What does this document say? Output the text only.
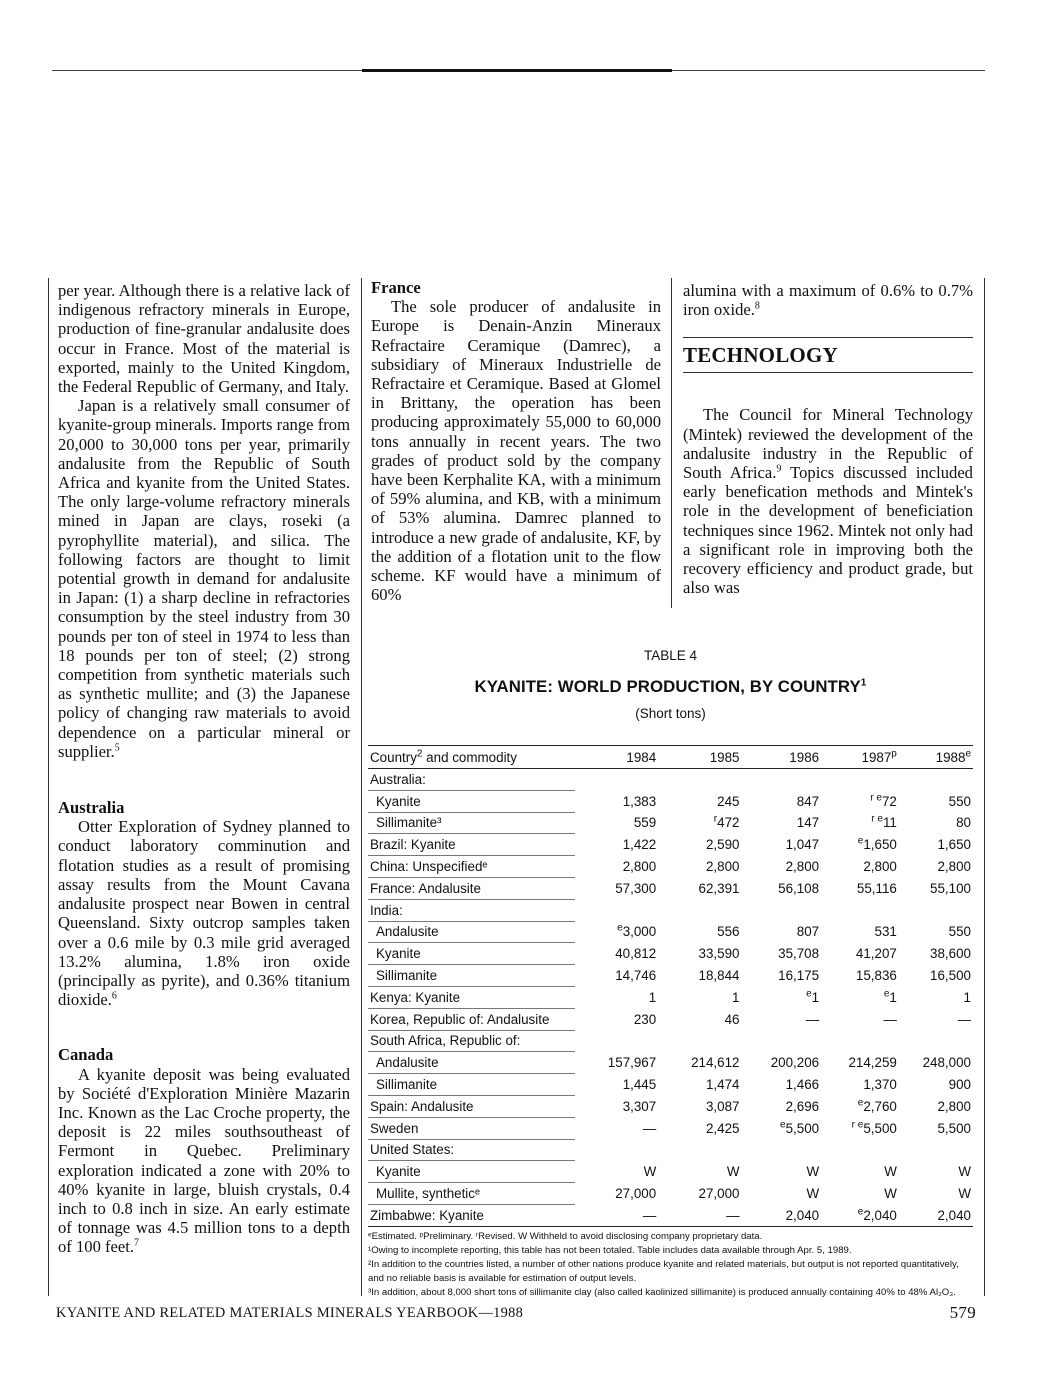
per year. Although there is a relative lack of indigenous refractory minerals in Europe, production of fine-granular andalusite does occur in France. Most of the material is exported, mainly to the United Kingdom, the Federal Republic of Germany, and Italy.

Japan is a relatively small consumer of kyanite-group minerals. Imports range from 20,000 to 30,000 tons per year, primarily andalusite from the Republic of South Africa and kyanite from the United States. The only large-volume refractory minerals mined in Japan are clays, roseki (a pyrophyllite material), and silica. The following factors are thought to limit potential growth in demand for andalusite in Japan: (1) a sharp decline in refractories consumption by the steel industry from 30 pounds per ton of steel in 1974 to less than 18 pounds per ton of steel; (2) strong competition from synthetic materials such as synthetic mullite; and (3) the Japanese policy of changing raw materials to avoid dependence on a particular mineral or supplier.$^5$

Australia

Otter Exploration of Sydney planned to conduct laboratory comminution and flotation studies as a result of promising assay results from the Mount Cavana andalusite prospect near Bowen in central Queensland. Sixty outcrop samples taken over a 0.6 mile by 0.3 mile grid averaged 13.2% alumina, 1.8% iron oxide (principally as pyrite), and 0.36% titanium dioxide.$^6$

Canada

A kyanite deposit was being evaluated by Société d'Exploration Minière Mazarin Inc. Known as the Lac Croche property, the deposit is 22 miles southsoutheast of Fermont in Quebec. Preliminary exploration indicated a zone with 20% to 40% kyanite in large, bluish crystals, 0.4 inch to 0.8 inch in size. An early estimate of tonnage was 4.5 million tons to a depth of 100 feet.$^7$

France

The sole producer of andalusite in Europe is Denain-Anzin Mineraux Refractaire Ceramique (Damrec), a subsidiary of Mineraux Industrielle de Refractaire et Ceramique. Based at Glomel in Brittany, the operation has been producing approximately 55,000 to 60,000 tons annually in recent years. The two grades of product sold by the company have been Kerphalite KA, with a minimum of 59% alumina, and KB, with a minimum of 53% alumina. Damrec planned to introduce a new grade of andalusite, KF, by the addition of a flotation unit to the flow scheme. KF would have a minimum of 60%

alumina with a maximum of 0.6% to 0.7% iron oxide.$^8$

TECHNOLOGY

The Council for Mineral Technology (Mintek) reviewed the development of the andalusite industry in the Republic of South Africa.$^9$ Topics discussed included early benefication methods and Mintek's role in the development of beneficiation techniques since 1962. Mintek not only had a significant role in improving both the recovery efficiency and product grade, but also was

TABLE 4
KYANITE: WORLD PRODUCTION, BY COUNTRY$^1$
(Short tons)
Country$^2$ and commodity	1984	1985	1986	1987$^p$	1988e
Australia:					
Kyanite	1,383	245	847	$^{r e}$72	550
Sillimanite³	559	$^r$472	147	$^{r e}$11	80
Brazil: Kyanite	1,422	2,590	1,047	$^e$1,650	1,650
China: Unspecifiedᵉ	2,800	2,800	2,800	2,800	2,800
France: Andalusite	57,300	62,391	56,108	55,116	55,100
India:					
Andalusite	$^e$3,000	556	807	531	550
Kyanite	40,812	33,590	35,708	41,207	38,600
Sillimanite	14,746	18,844	16,175	15,836	16,500
Kenya: Kyanite	1	1	$^e$1	$^e$1	1
Korea, Republic of: Andalusite	230	46	—	—	—
South Africa, Republic of:					
Andalusite	157,967	214,612	200,206	214,259	248,000
Sillimanite	1,445	1,474	1,466	1,370	900
Spain: Andalusite	3,307	3,087	2,696	$^e$2,760	2,800
Sweden	—	2,425	$^e$5,500	$^{r e}$5,500	5,500
United States:					
Kyanite	W	W	W	W	W
Mullite, syntheticᵉ	27,000	27,000	W	W	W
Zimbabwe: Kyanite	—	—	2,040	$^e$2,040	2,040
ᵉEstimated. ᵖPreliminary. ʳRevised. W Withheld to avoid disclosing company proprietary data.
¹Owing to incomplete reporting, this table has not been totaled. Table includes data available through Apr. 5, 1989.
²In addition to the countries listed, a number of other nations produce kyanite and related materials, but output is not reported quantitatively, and no reliable basis is available for estimation of output levels.
³In addition, about 8,000 short tons of sillimanite clay (also called kaolinized sillimanite) is produced annually containing 40% to 48% Al₂O₃.
KYANITE AND RELATED MATERIALS MINERALS YEARBOOK—1988	579
